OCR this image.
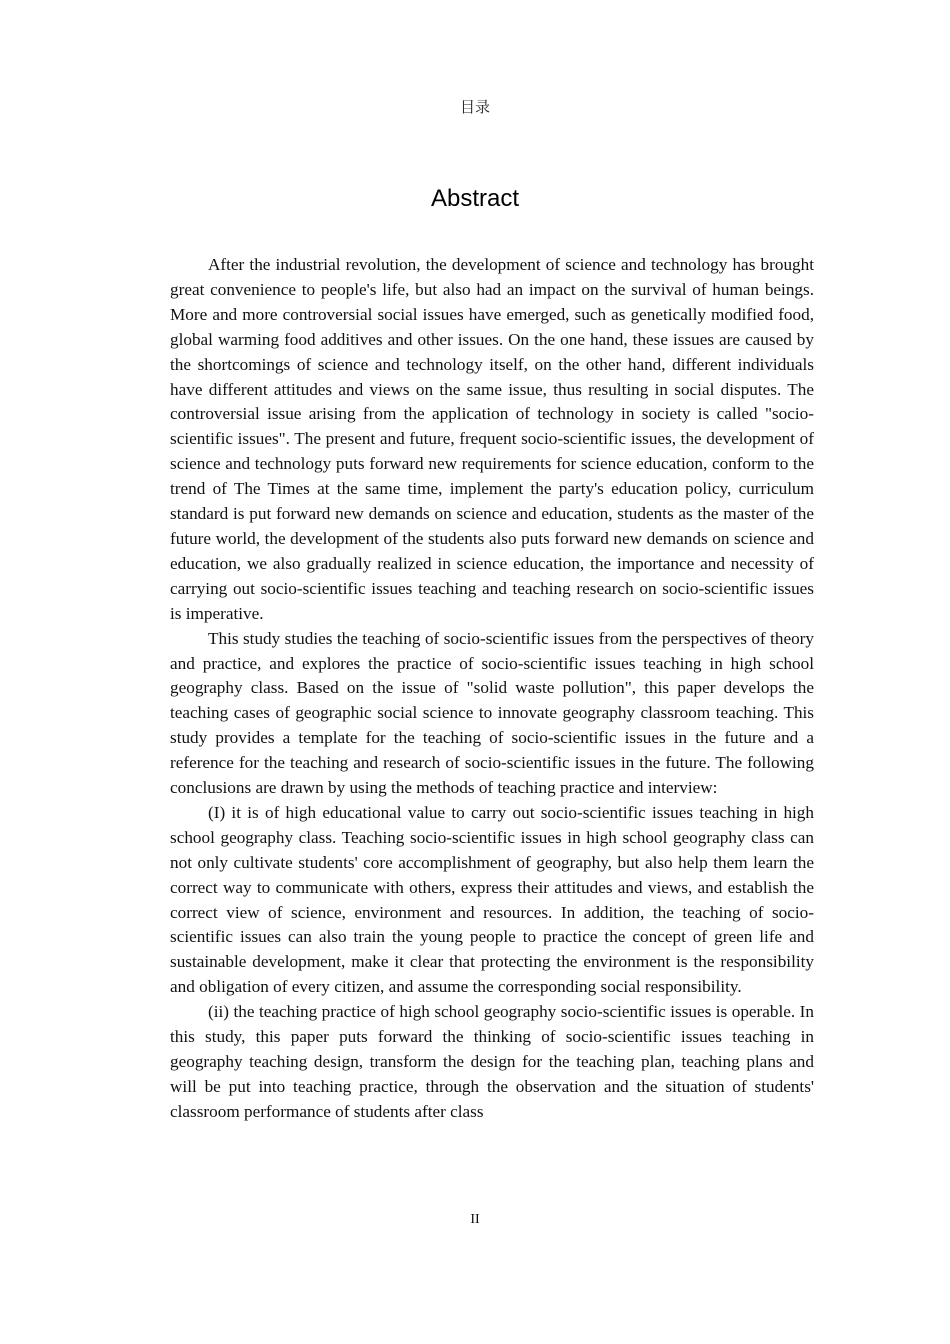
目录
Abstract

After the industrial revolution, the development of science and technology has brought great convenience to people's life, but also had an impact on the survival of human beings. More and more controversial social issues have emerged, such as genetically modified food, global warming food additives and other issues. On the one hand, these issues are caused by the shortcomings of science and technology itself, on the other hand, different individuals have different attitudes and views on the same issue, thus resulting in social disputes. The controversial issue arising from the application of technology in society is called "socio-scientific issues". The present and future, frequent socio-scientific issues, the development of science and technology puts forward new requirements for science education, conform to the trend of The Times at the same time, implement the party's education policy, curriculum standard is put forward new demands on science and education, students as the master of the future world, the development of the students also puts forward new demands on science and education, we also gradually realized in science education, the importance and necessity of carrying out socio-scientific issues teaching and teaching research on socio-scientific issues is imperative.

This study studies the teaching of socio-scientific issues from the perspectives of theory and practice, and explores the practice of socio-scientific issues teaching in high school geography class. Based on the issue of "solid waste pollution", this paper develops the teaching cases of geographic social science to innovate geography classroom teaching. This study provides a template for the teaching of socio-scientific issues in the future and a reference for the teaching and research of socio-scientific issues in the future. The following conclusions are drawn by using the methods of teaching practice and interview:

(I) it is of high educational value to carry out socio-scientific issues teaching in high school geography class. Teaching socio-scientific issues in high school geography class can not only cultivate students' core accomplishment of geography, but also help them learn the correct way to communicate with others, express their attitudes and views, and establish the correct view of science, environment and resources. In addition, the teaching of socio-scientific issues can also train the young people to practice the concept of green life and sustainable development, make it clear that protecting the environment is the responsibility and obligation of every citizen, and assume the corresponding social responsibility.

(ii) the teaching practice of high school geography socio-scientific issues is operable. In this study, this paper puts forward the thinking of socio-scientific issues teaching in geography teaching design, transform the design for the teaching plan, teaching plans and will be put into teaching practice, through the observation and the situation of students' classroom performance of students after class

II
